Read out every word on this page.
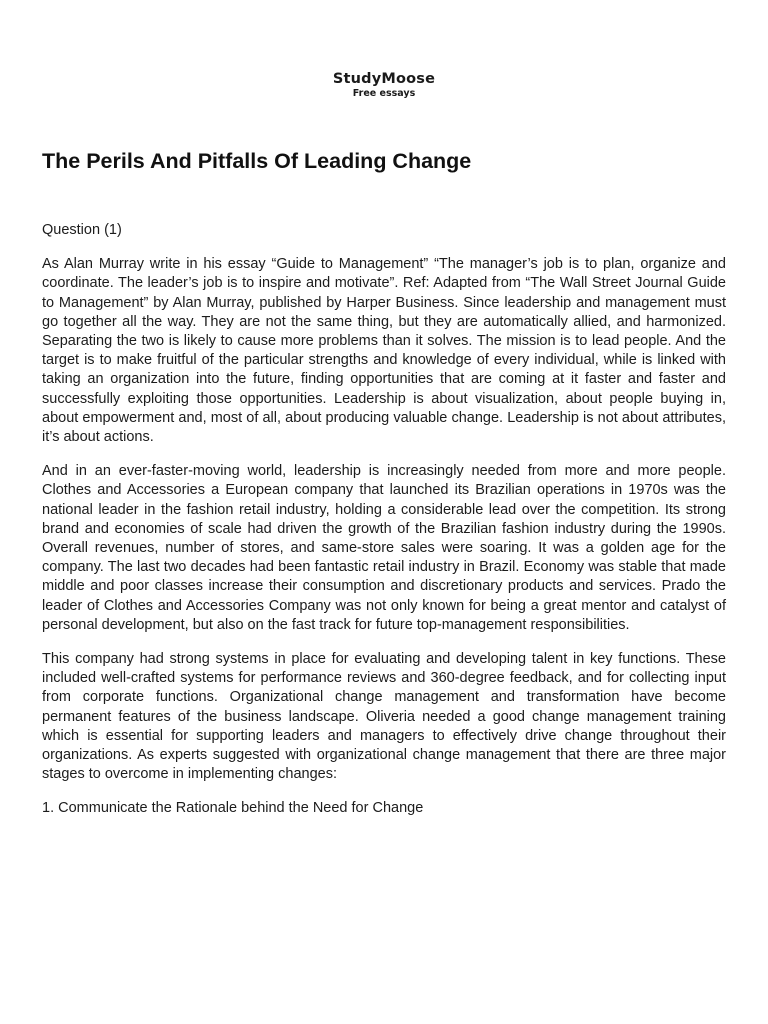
StudyMoose
Free essays
The Perils And Pitfalls Of Leading Change

Question (1)

As Alan Murray write in his essay “Guide to Management” “The manager’s job is to plan, organize and coordinate. The leader’s job is to inspire and motivate”. Ref: Adapted from “The Wall Street Journal Guide to Management” by Alan Murray, published by Harper Business. Since leadership and management must go together all the way. They are not the same thing, but they are automatically allied, and harmonized. Separating the two is likely to cause more problems than it solves. The mission is to lead people. And the target is to make fruitful of the particular strengths and knowledge of every individual, while is linked with taking an organization into the future, finding opportunities that are coming at it faster and faster and successfully exploiting those opportunities. Leadership is about visualization, about people buying in, about empowerment and, most of all, about producing valuable change. Leadership is not about attributes, it’s about actions.

And in an ever-faster-moving world, leadership is increasingly needed from more and more people. Clothes and Accessories a European company that launched its Brazilian operations in 1970s was the national leader in the fashion retail industry, holding a considerable lead over the competition. Its strong brand and economies of scale had driven the growth of the Brazilian fashion industry during the 1990s. Overall revenues, number of stores, and same-store sales were soaring. It was a golden age for the company. The last two decades had been fantastic retail industry in Brazil. Economy was stable that made middle and poor classes increase their consumption and discretionary products and services. Prado the leader of Clothes and Accessories Company was not only known for being a great mentor and catalyst of personal development, but also on the fast track for future top-management responsibilities.

This company had strong systems in place for evaluating and developing talent in key functions. These included well-crafted systems for performance reviews and 360-degree feedback, and for collecting input from corporate functions. Organizational change management and transformation have become permanent features of the business landscape. Oliveria needed a good change management training which is essential for supporting leaders and managers to effectively drive change throughout their organizations. As experts suggested with organizational change management that there are three major stages to overcome in implementing changes:

1. Communicate the Rationale behind the Need for Change
